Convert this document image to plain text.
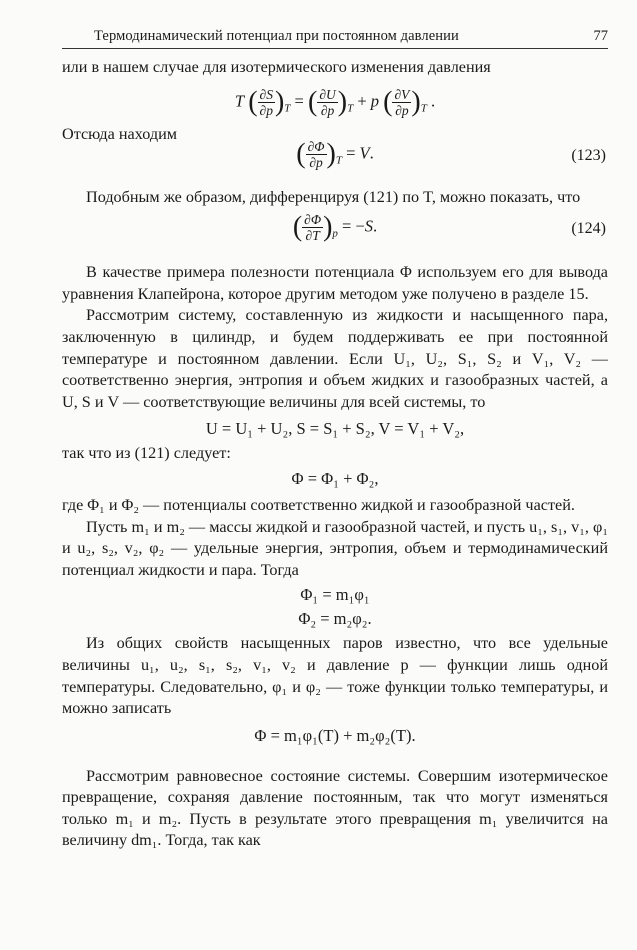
Термодинамический потенциал при постоянном давлении	77

или в нашем случае для изотермического изменения давления

T ( $\frac{\partial S}{\partial p} )_T$ = ( $\frac{\partial U}{\partial p} )_T + p$ ( $\frac{\partial V}{\partial p} )_T$ .
Отсюда находим
( $\frac{\partial\Phi}{\partial p} )_T = V$.	(123)

Подобным же образом, дифференцируя (121) по T, можно показать, что

( $\frac{\partial\Phi}{\partial T} )_p = -S$.	(124)

В качестве примера полезности потенциала Φ используем его для вывода уравнения Клапейрона, которое другим методом уже получено в разделе 15.

Рассмотрим систему, составленную из жидкости и насыщенного пара, заключенную в цилиндр, и будем поддерживать ее при постоянной температуре и постоянном давлении. Если U₁, U₂, S₁, S₂ и V₁, V₂ — соответственно энергия, энтропия и объем жидких и газообразных частей, а U, S и V — соответствующие величины для всей системы, то

U = U₁ + U₂, S = S₁ + S₂, V = V₁ + V₂,

так что из (121) следует:

Φ = Φ₁ + Φ₂,

где Φ₁ и Φ₂ — потенциалы соответственно жидкой и газообразной частей.

Пусть m₁ и m₂ — массы жидкой и газообразной частей, и пусть u₁, s₁, v₁, φ₁ и u₂, s₂, v₂, φ₂ — удельные энергия, энтропия, объем и термодинамический потенциал жидкости и пара. Тогда

Φ₁ = m₁φ₁
Φ₂ = m₂φ₂.

Из общих свойств насыщенных паров известно, что все удельные величины u₁, u₂, s₁, s₂, v₁, v₂ и давление p — функции лишь одной температуры. Следовательно, φ₁ и φ₂ — тоже функции только температуры, и можно записать

Φ = m₁φ₁(T) + m₂φ₂(T).

Рассмотрим равновесное состояние системы. Совершим изотермическое превращение, сохраняя давление постоянным, так что могут изменяться только m₁ и m₂. Пусть в результате этого превращения m₁ увеличится на величину dm₁. Тогда, так как
